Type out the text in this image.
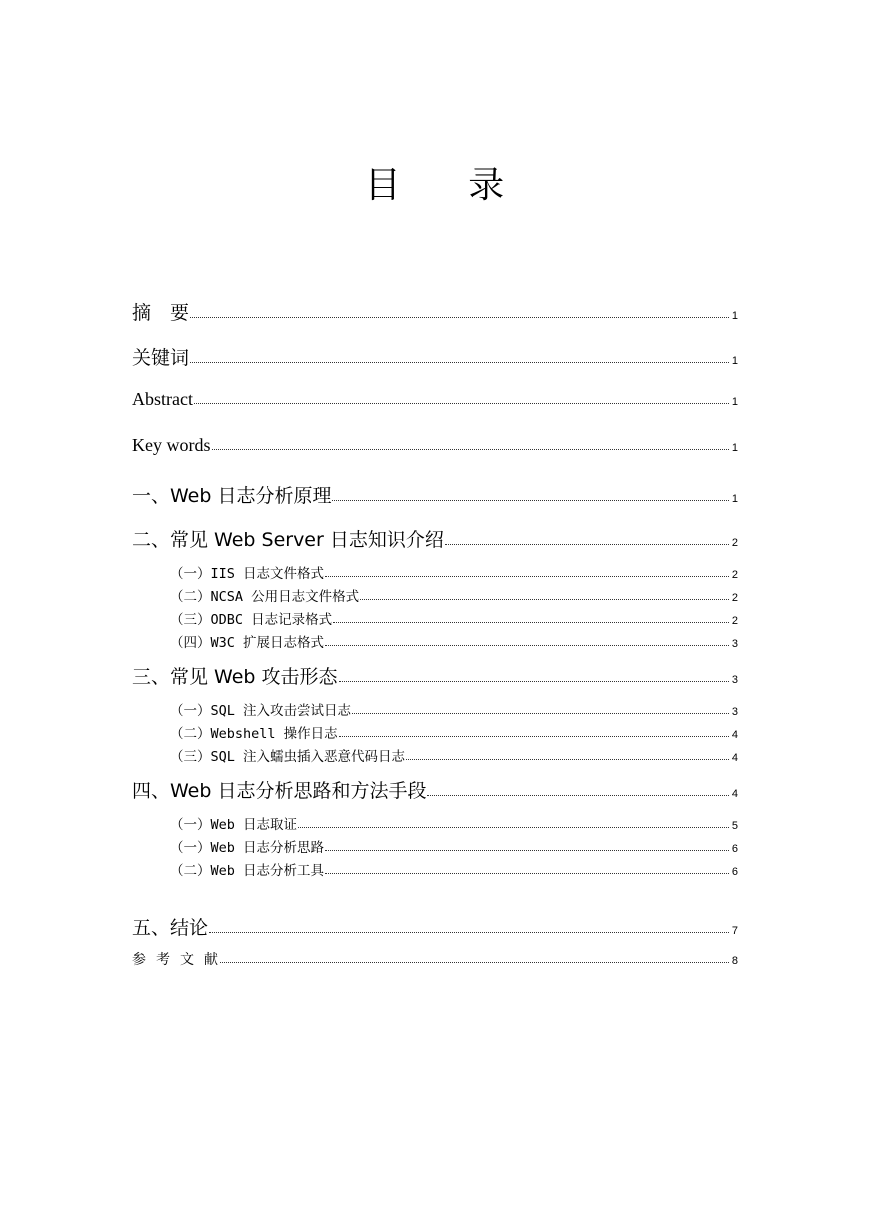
目 录
摘　要	1
关键词	1
Abstract	1
Key words	1
一、Web 日志分析原理	1
二、常见 Web Server 日志知识介绍	2
（一）IIS 日志文件格式	2
（二）NCSA 公用日志文件格式	2
（三）ODBC 日志记录格式	2
（四）W3C 扩展日志格式	3
三、常见 Web 攻击形态	3
（一）SQL 注入攻击尝试日志	3
（二）Webshell 操作日志	4
（三）SQL 注入蠕虫插入恶意代码日志	4
四、Web 日志分析思路和方法手段	4
（一）Web 日志取证	5
（一）Web 日志分析思路	6
（二）Web 日志分析工具	6
五、结论	7
参考文献	8
